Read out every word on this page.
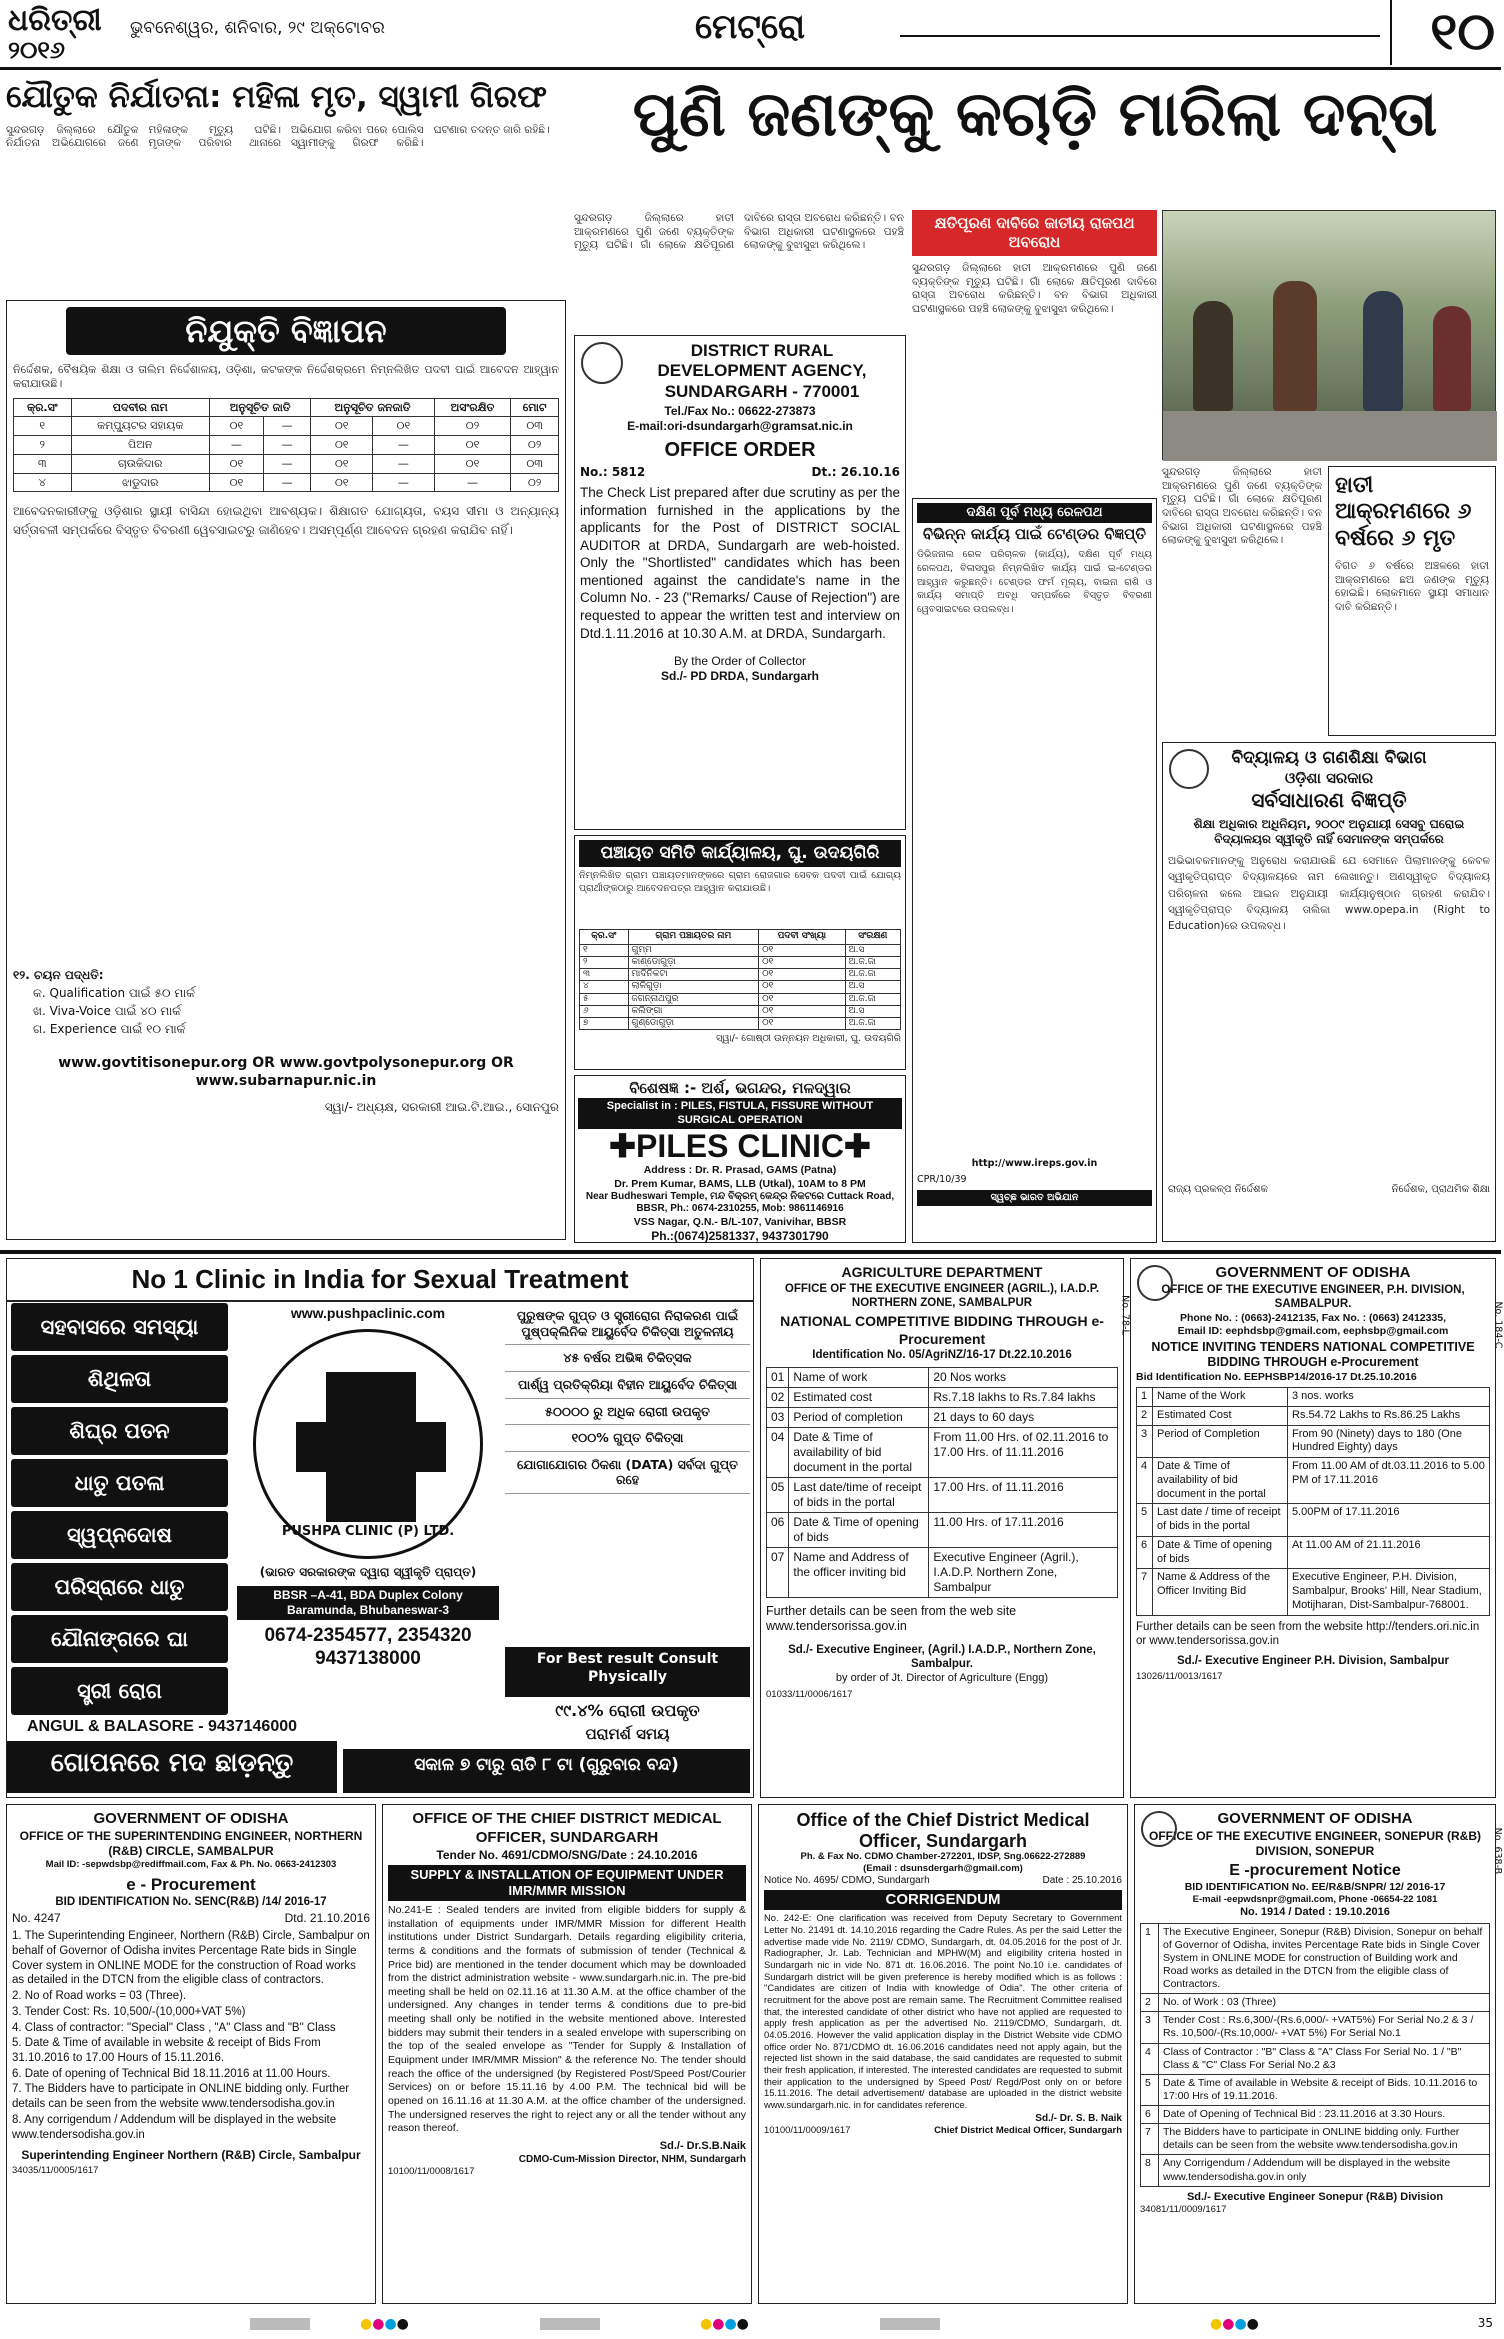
ଧରିତ୍ରୀ
୨୦୧୬
ଭୁବନେଶ୍ୱର, ଶନିବାର, ୨୯ ଅକ୍ଟୋବର	ମେଟ୍ରୋ	୧୦
ଯୌତୁକ ନିର୍ଯାତନା: ମହିଳା ମୃତ, ସ୍ୱାମୀ ଗିରଫ
ସୁନ୍ଦରଗଡ଼ ଜିଲ୍ଲାରେ ଯୌତୁକ ନିର୍ଯାତନା ଅଭିଯୋଗରେ ଜଣେ ମହିଳାଙ୍କ ମୃତ୍ୟୁ ଘଟିଛି। ମୃତାଙ୍କ ପରିବାର ଥାନାରେ ଅଭିଯୋଗ କରିବା ପରେ ପୋଲିସ ସ୍ୱାମୀଙ୍କୁ ଗିରଫ କରିଛି। ଘଟଣାର ତଦନ୍ତ ଜାରି ରହିଛି।
ନିଯୁକ୍ତି ବିଜ୍ଞାପନ
ନିର୍ଦ୍ଦେଶକ, ବୈଷୟିକ ଶିକ୍ଷା ଓ ତାଲିମ ନିର୍ଦ୍ଦେଶାଳୟ, ଓଡ଼ିଶା, କଟକଙ୍କ ନିର୍ଦ୍ଦେଶକ୍ରମେ ନିମ୍ନଲିଖିତ ପଦବୀ ପାଇଁ ଆବେଦନ ଆହ୍ୱାନ କରାଯାଉଛି।
କ୍ର.ସଂ	ପଦବୀର ନାମ	ଅନୁସୂଚିତ ଜାତି		ଅନୁସୂଚିତ ଜନଜାତି		ଅସଂରକ୍ଷିତ	ମୋଟ
୧	କମ୍ପ୍ୟୁଟର ସହାୟକ	୦୧	—	୦୧	୦୧	୦୨	୦୩
୨	ପିଅନ	—	—	୦୧	—	୦୧	୦୨
୩	ଚାଉକିଦାର	୦୧	—	୦୧	—	୦୧	୦୩
୪	ଝାଡୁଦାର	୦୧	—	୦୧	—	—	୦୨
ଆବେଦନକାରୀଙ୍କୁ ଓଡ଼ିଶାର ସ୍ଥାୟୀ ବାସିନ୍ଦା ହୋଇଥିବା ଆବଶ୍ୟକ। ଶିକ୍ଷାଗତ ଯୋଗ୍ୟତା, ବୟସ ସୀମା ଓ ଅନ୍ୟାନ୍ୟ ସର୍ତ୍ତାବଳୀ ସମ୍ପର୍କରେ ବିସ୍ତୃତ ବିବରଣୀ ୱେବସାଇଟରୁ ଜାଣିହେବ। ଅସମ୍ପୂର୍ଣ୍ଣ ଆବେଦନ ଗ୍ରହଣ କରାଯିବ ନାହିଁ।
୧୨. ଚୟନ ପଦ୍ଧତି:
କ. Qualification ପାଇଁ ୫୦ ମାର୍କ
ଖ. Viva-Voice ପାଇଁ ୪୦ ମାର୍କ
ଗ. Experience ପାଇଁ ୧୦ ମାର୍କ
www.govtitisonepur.org OR www.govtpolysonepur.org OR www.subarnapur.nic.in
ସ୍ୱା/- ଅଧ୍ୟକ୍ଷ, ସରକାରୀ ଆଇ.ଟି.ଆଇ., ସୋନପୁର
ପୁଣି ଜଣଙ୍କୁ କଚାଡ଼ି ମାରିଲା ଦନ୍ତା
ସୁନ୍ଦରଗଡ଼ ଜିଲ୍ଲାରେ ହାତୀ ଆକ୍ରମଣରେ ପୁଣି ଜଣେ ବ୍ୟକ୍ତିଙ୍କ ମୃତ୍ୟୁ ଘଟିଛି। ଗାଁ ଲୋକେ କ୍ଷତିପୂରଣ ଦାବିରେ ରାସ୍ତା ଅବରୋଧ କରିଛନ୍ତି। ବନ ବିଭାଗ ଅଧିକାରୀ ଘଟଣାସ୍ଥଳରେ ପହଞ୍ଚି ଲୋକଙ୍କୁ ବୁଝାସୁଝା କରିଥିଲେ।
କ୍ଷତିପୂରଣ ଦାବିରେ ଜାତୀୟ ରାଜପଥ ଅବରୋଧ
ସୁନ୍ଦରଗଡ଼ ଜିଲ୍ଲାରେ ହାତୀ ଆକ୍ରମଣରେ ପୁଣି ଜଣେ ବ୍ୟକ୍ତିଙ୍କ ମୃତ୍ୟୁ ଘଟିଛି। ଗାଁ ଲୋକେ କ୍ଷତିପୂରଣ ଦାବିରେ ରାସ୍ତା ଅବରୋଧ କରିଛନ୍ତି। ବନ ବିଭାଗ ଅଧିକାରୀ ଘଟଣାସ୍ଥଳରେ ପହଞ୍ଚି ଲୋକଙ୍କୁ ବୁଝାସୁଝା କରିଥିଲେ।
ସୁନ୍ଦରଗଡ଼ ଜିଲ୍ଲାରେ ହାତୀ ଆକ୍ରମଣରେ ପୁଣି ଜଣେ ବ୍ୟକ୍ତିଙ୍କ ମୃତ୍ୟୁ ଘଟିଛି। ଗାଁ ଲୋକେ କ୍ଷତିପୂରଣ ଦାବିରେ ରାସ୍ତା ଅବରୋଧ କରିଛନ୍ତି। ବନ ବିଭାଗ ଅଧିକାରୀ ଘଟଣାସ୍ଥଳରେ ପହଞ୍ଚି ଲୋକଙ୍କୁ ବୁଝାସୁଝା କରିଥିଲେ।
ହାତୀ ଆକ୍ରମଣରେ ୬ ବର୍ଷରେ ୬ ମୃତ
ବିଗତ ୬ ବର୍ଷରେ ଅଞ୍ଚଳରେ ହାତୀ ଆକ୍ରମଣରେ ଛଅ ଜଣଙ୍କ ମୃତ୍ୟୁ ହୋଇଛି। ଲୋକମାନେ ସ୍ଥାୟୀ ସମାଧାନ ଦାବି କରିଛନ୍ତି।
DISTRICT RURAL DEVELOPMENT AGENCY, SUNDARGARH - 770001
Tel./Fax No.: 06622-273873
E-mail:ori-dsundargarh@gramsat.nic.in
OFFICE ORDER
No.: 5812	Dt.: 26.10.16
The Check List prepared after due scrutiny as per the information furnished in the applications by the applicants for the Post of DISTRICT SOCIAL AUDITOR at DRDA, Sundargarh are web-hoisted. Only the "Shortlisted" candidates which has been mentioned against the candidate's name in the Column No. - 23 ("Remarks/ Cause of Rejection") are requested to appear the written test and interview on Dtd.1.11.2016 at 10.30 A.M. at DRDA, Sundargarh.
By the Order of Collector
Sd./- PD DRDA, Sundargarh
ପଞ୍ଚାୟତ ସମିତି କାର୍ଯ୍ୟାଳୟ, ଘୁ. ଉଦୟଗିରି
ନିମ୍ନଲିଖିତ ଗ୍ରାମ ପଞ୍ଚାୟତମାନଙ୍କରେ ଗ୍ରାମ ରୋଜଗାର ସେବକ ପଦବୀ ପାଇଁ ଯୋଗ୍ୟ ପ୍ରାର୍ଥୀଙ୍କଠାରୁ ଆବେଦନପତ୍ର ଆହ୍ୱାନ କରାଯାଉଛି।
କ୍ର.ସଂ	ଗ୍ରାମ ପଞ୍ଚାୟତର ନାମ	ପଦବୀ ସଂଖ୍ୟା	ସଂରକ୍ଷଣ
୧	ଗୁମ୍ମ	୦୧	ଅ.ସ
୨	କାଣ୍ଡୋଗୁଡ଼ା	୦୧	ଅ.ଜ.ଜା
୩	ମାଦିନିକଟା	୦୧	ଅ.ଜ.ଜା
୪	ଲାଳିଗୁଡ଼ା	୦୧	ଅ.ସ
୫	ଜଗନ୍ନାଥପୁର	୦୧	ଅ.ଜ.ଜା
୬	କଲିଙ୍ଗା	୦୧	ଅ.ସ
୭	ଗୁଣ୍ଡୋଗୁଡ଼ା	୦୧	ଅ.ଜ.ଜା
ସ୍ୱା/- ଗୋଷ୍ଠୀ ଉନ୍ନୟନ ଅଧିକାରୀ, ଘୁ. ଉଦୟଗିରି
ବିଶେଷଜ୍ଞ :- ଅର୍ଶ, ଭଗନ୍ଦର, ମଳଦ୍ୱାର
Specialist in : PILES, FISTULA, FISSURE WITHOUT SURGICAL OPERATION
✚PILES CLINIC✚
Address : Dr. R. Prasad, GAMS (Patna)
Dr. Prem Kumar, BAMS, LLB (Utkal), 10AM to 8 PM
Near Budheswari Temple, ମନ୍ଦ ବିକ୍ରମ୍ କେନ୍ଦ୍ର ନିକଟରେ Cuttack Road, BBSR, Ph.: 0674-2310255, Mob: 9861146916
VSS Nagar, Q.N.- B/L-107, Vanivihar, BBSR
Ph.:(0674)2581337, 9437301790
ଦକ୍ଷିଣ ପୂର୍ବ ମଧ୍ୟ ରେଳପଥ
ବିଭିନ୍ନ କାର୍ଯ୍ୟ ପାଇଁ ଟେଣ୍ଡର ବିଜ୍ଞପ୍ତି
ଡିଭିଜନାଲ ରେଳ ପରିଚାଳକ (କାର୍ଯ୍ୟ), ଦକ୍ଷିଣ ପୂର୍ବ ମଧ୍ୟ ରେଳପଥ, ବିଳାସପୁର ନିମ୍ନଲିଖିତ କାର୍ଯ୍ୟ ପାଇଁ ଇ-ଟେଣ୍ଡର ଆହ୍ୱାନ କରୁଛନ୍ତି। ଟେଣ୍ଡର ଫର୍ମ ମୂଲ୍ୟ, ବାଇନା ରାଶି ଓ କାର୍ଯ୍ୟ ସମାପ୍ତି ଅବଧି ସମ୍ପର୍କରେ ବିସ୍ତୃତ ବିବରଣୀ ୱେବସାଇଟରେ ଉପଲବ୍ଧ।
http://www.ireps.gov.in
CPR/10/39
ସ୍ୱଚ୍ଛ ଭାରତ ଅଭିଯାନ
ବିଦ୍ୟାଳୟ ଓ ଗଣଶିକ୍ଷା ବିଭାଗ
ଓଡ଼ିଶା ସରକାର
ସର୍ବସାଧାରଣ ବିଜ୍ଞପ୍ତି
ଶିକ୍ଷା ଅଧିକାର ଅଧିନିୟମ, ୨୦୦୯ ଅନୁଯାୟୀ ସେସବୁ ଘରୋଇ ବିଦ୍ୟାଳୟର ସ୍ୱୀକୃତି ନାହିଁ ସେମାନଙ୍କ ସମ୍ପର୍କରେ
ଅଭିଭାବକମାନଙ୍କୁ ଅନୁରୋଧ କରାଯାଉଛି ଯେ ସେମାନେ ପିଲାମାନଙ୍କୁ କେବଳ ସ୍ୱୀକୃତିପ୍ରାପ୍ତ ବିଦ୍ୟାଳୟରେ ନାମ ଲେଖାନ୍ତୁ। ଅଣସ୍ୱୀକୃତ ବିଦ୍ୟାଳୟ ପରିଚାଳନା କଲେ ଆଇନ ଅନୁଯାୟୀ କାର୍ଯ୍ୟାନୁଷ୍ଠାନ ଗ୍ରହଣ କରାଯିବ। ସ୍ୱୀକୃତିପ୍ରାପ୍ତ ବିଦ୍ୟାଳୟ ତାଲିକା www.opepa.in (Right to Education)ରେ ଉପଲବ୍ଧ।
ରାଜ୍ୟ ପ୍ରକଳ୍ପ ନିର୍ଦ୍ଦେଶକ	ନିର୍ଦ୍ଦେଶକ, ପ୍ରାଥମିକ ଶିକ୍ଷା
No 1 Clinic in India for Sexual Treatment
ସହବାସରେ ସମସ୍ୟା
ଶିଥିଳତା
ଶିଘ୍ର ପତନ
ଧାତୁ ପତଳା
ସ୍ୱପ୍ନଦୋଷ
ପରିସ୍ରାରେ ଧାତୁ
ଯୌନାଙ୍ଗରେ ଘା
ସ୍ତ୍ରୀ ରୋଗ
www.pushpaclinic.com
PUSHPA CLINIC (P) LTD.
(ଭାରତ ସରକାରଙ୍କ ଦ୍ୱାରା ସ୍ୱୀକୃତି ପ୍ରାପ୍ତ)
BBSR –A-41, BDA Duplex Colony Baramunda, Bhubaneswar-3
0674-2354577, 2354320
9437138000
ପୁରୁଷଙ୍କ ଗୁପ୍ତ ଓ ସ୍ତ୍ରୀରୋଗ ନିରାକରଣ ପାଇଁ ପୁଷ୍ପକ୍ଲିନିକ ଆୟୁର୍ବେଦ ଚିକିତ୍ସା ଅତୁଳନୀୟ
୪୫ ବର୍ଷର ଅଭିଜ୍ଞ ଚିକିତ୍ସକ
ପାର୍ଶ୍ୱ ପ୍ରତିକ୍ରିୟା ବିହୀନ ଆୟୁର୍ବେଦ ଚିକିତ୍ସା
୫୦୦୦୦ ରୁ ଅଧିକ ରୋଗୀ ଉପକୃତ
୧୦୦% ଗୁପ୍ତ ଚିକିତ୍ସା
ଯୋଗାଯୋଗର ଠିକଣା (DATA) ସର୍ବଦା ଗୁପ୍ତ ରହେ
For Best result Consult Physically
୯୯.୪% ରୋଗୀ ଉପକୃତ
ANGUL & BALASORE - 9437146000	ପରାମର୍ଶ ସମୟ
ଗୋପନରେ ମଦ ଛାଡ଼ନ୍ତୁ	ସକାଳ ୭ ଟାରୁ ରାତି ୮ ଟା (ଗୁରୁବାର ବନ୍ଦ)
No. 78-L
AGRICULTURE DEPARTMENT
OFFICE OF THE EXECUTIVE ENGINEER (AGRIL.), I.A.D.P. NORTHERN ZONE, SAMBALPUR
NATIONAL COMPETITIVE BIDDING THROUGH e-Procurement
Identification No. 05/AgriNZ/16-17 Dt.22.10.2016
01	Name of work	20 Nos works
02	Estimated cost	Rs.7.18 lakhs to Rs.7.84 lakhs
03	Period of completion	21 days to 60 days
04	Date & Time of availability of bid document in the portal	From 11.00 Hrs. of 02.11.2016 to 17.00 Hrs. of 11.11.2016
05	Last date/time of receipt of bids in the portal	17.00 Hrs. of 11.11.2016
06	Date & Time of opening of bids	11.00 Hrs. of 17.11.2016
07	Name and Address of the officer inviting bid	Executive Engineer (Agril.), I.A.D.P. Northern Zone, Sambalpur
Further details can be seen from the web site www.tendersorissa.gov.in
Sd./- Executive Engineer, (Agril.) I.A.D.P., Northern Zone, Sambalpur.
by order of Jt. Director of Agriculture (Engg)
01033/11/0006/1617
No. 184-C
GOVERNMENT OF ODISHA
OFFICE OF THE EXECUTIVE ENGINEER, P.H. DIVISION, SAMBALPUR.
Phone No. : (0663)-2412135, Fax No. : (0663) 2412335,
Email ID: eephdsbp@gmail.com, eephsbp@gmail.com
NOTICE INVITING TENDERS NATIONAL COMPETITIVE BIDDING THROUGH e-Procurement
Bid Identification No. EEPHSBP14/2016-17 Dt.25.10.2016
1	Name of the Work	3 nos. works
2	Estimated Cost	Rs.54.72 Lakhs to Rs.86.25 Lakhs
3	Period of Completion	From 90 (Ninety) days to 180 (One Hundred Eighty) days
4	Date & Time of availability of bid document in the portal	From 11.00 AM of dt.03.11.2016 to 5.00 PM of 17.11.2016
5	Last date / time of receipt of bids in the portal	5.00PM of 17.11.2016
6	Date & Time of opening of bids	At 11.00 AM of 21.11.2016
7	Name & Address of the Officer Inviting Bid	Executive Engineer, P.H. Division, Sambalpur, Brooks' Hill, Near Stadium, Motijharan, Dist-Sambalpur-768001.
Further details can be seen from the website http://tenders.ori.nic.in or www.tendersorissa.gov.in
Sd./- Executive Engineer P.H. Division, Sambalpur
13026/11/0013/1617
GOVERNMENT OF ODISHA
OFFICE OF THE SUPERINTENDING ENGINEER, NORTHERN (R&B) CIRCLE, SAMBALPUR
Mail ID: -sepwdsbp@rediffmail.com, Fax & Ph. No. 0663-2412303
e - Procurement
BID IDENTIFICATION No. SENC(R&B) /14/ 2016-17
No. 4247	Dtd. 21.10.2016
1. The Superintending Engineer, Northern (R&B) Circle, Sambalpur on behalf of Governor of Odisha invites Percentage Rate bids in Single Cover system in ONLINE MODE for the construction of Road works as detailed in the DTCN from the eligible class of contractors.
2. No of Road works = 03 (Three).
3. Tender Cost: Rs. 10,500/-(10,000+VAT 5%)
4. Class of contractor: "Special" Class , "A" Class and "B" Class
5. Date & Time of available in website & receipt of Bids From 31.10.2016 to 17.00 Hours of 15.11.2016.
6. Date of opening of Technical Bid 18.11.2016 at 11.00 Hours.
7. The Bidders have to participate in ONLINE bidding only. Further details can be seen from the website www.tendersodisha.gov.in
8. Any corrigendum / Addendum will be displayed in the website www.tendersodisha.gov.in
Superintending Engineer Northern (R&B) Circle, Sambalpur
34035/11/0005/1617
OFFICE OF THE CHIEF DISTRICT MEDICAL OFFICER, SUNDARGARH
Tender No. 4691/CDMO/SNG/Date : 24.10.2016
SUPPLY & INSTALLATION OF EQUIPMENT UNDER IMR/MMR MISSION
No.241-E : Sealed tenders are invited from eligible bidders for supply & installation of equipments under IMR/MMR Mission for different Health institutions under District Sundargarh. Details regarding eligibility criteria, terms & conditions and the formats of submission of tender (Technical & Price bid) are mentioned in the tender document which may be downloaded from the district administration website - www.sundargarh.nic.in. The pre-bid meeting shall be held on 02.11.16 at 11.30 A.M. at the office chamber of the undersigned. Any changes in tender terms & conditions due to pre-bid meeting shall only be notified in the website mentioned above. Interested bidders may submit their tenders in a sealed envelope with superscribing on the top of the sealed envelope as "Tender for Supply & Installation of Equipment under IMR/MMR Mission" & the reference No. The tender should reach the office of the undersigned (by Registered Post/Speed Post/Courier Services) on or before 15.11.16 by 4.00 P.M. The technical bid will be opened on 16.11.16 at 11.30 A.M. at the office chamber of the undersigned. The undersigned reserves the right to reject any or all the tender without any reason thereof.
Sd./- Dr.S.B.Naik
CDMO-Cum-Mission Director, NHM, Sundargarh
10100/11/0008/1617
Office of the Chief District Medical Officer, Sundargarh
Ph. & Fax No. CDMO Chamber-272201, IDSP, Sng.06622-272889
(Email : dsunsdergarh@gmail.com)
Notice No. 4695/ CDMO, Sundargarh	Date : 25.10.2016
CORRIGENDUM
No. 242-E: One clarification was received from Deputy Secretary to Government Letter No. 21491 dt. 14.10.2016 regarding the Cadre Rules. As per the said Letter the advertise made vide No. 2119/ CDMO, Sundargarh, dt. 04.05.2016 for the post of Jr. Radiographer, Jr. Lab. Technician and MPHW(M) and eligibility criteria hosted in Sundargarh nic in vide No. 871 dt. 16.06.2016. The point No.10 i.e. candidates of Sundargarh district will be given preference is hereby modified which is as follows : "Candidates are citizen of India with knowledge of Odia". The other criteria of recruitment for the above post are remain same. The Recruitment Committee realised that, the interested candidate of other district who have not applied are requested to apply fresh application as per the advertised No. 2119/CDMO, Sundargarh, dt. 04.05.2016. However the valid application display in the District Website vide CDMO office order No. 871/CDMO dt. 16.06.2016 candidates need not apply again, but the rejected list shown in the said database, the said candidates are requested to submit their fresh application, if interested. The interested candidates are requested to submit their application to the undersigned by Speed Post/ Regd/Post only on or before 15.11.2016. The detail advertisement/ database are uploaded in the district website www.sundargarh.nic. in for candidates reference.
Sd./- Dr. S. B. Naik
10100/11/0009/1617	Chief District Medical Officer, Sundargarh
No. 638-B
GOVERNMENT OF ODISHA
OFFICE OF THE EXECUTIVE ENGINEER, SONEPUR (R&B) DIVISION, SONEPUR
E -procurement Notice
BID IDENTIFICATION No. EE/R&B/SNPR/ 12/ 2016-17
E-mail -eepwdsnpr@gmail.com, Phone -06654-22 1081
No. 1914 / Dated : 19.10.2016
1	The Executive Engineer, Sonepur (R&B) Division, Sonepur on behalf of Governor of Odisha, invites Percentage Rate bids in Single Cover System in ONLINE MODE for construction of Building work and Road works as detailed in the DTCN from the eligible class of Contractors.
2	No. of Work : 03 (Three)
3	Tender Cost : Rs.6,300/-(Rs.6,000/- +VAT5%) For Serial No.2 & 3 / Rs. 10,500/-(Rs.10,000/- +VAT 5%) For Serial No.1
4	Class of Contractor : "B" Class & "A" Class For Serial No. 1 / "B" Class & "C" Class For Serial No.2 &3
5	Date & Time of available in Website & receipt of Bids. 10.11.2016 to 17:00 Hrs of 19.11.2016.
6	Date of Opening of Technical Bid : 23.11.2016 at 3.30 Hours.
7	The Bidders have to participate in ONLINE bidding only. Further details can be seen from the website www.tendersodisha.gov.in
8	Any Corrigendum / Addendum will be displayed in the website www.tendersodisha.gov.in only
Sd./- Executive Engineer Sonepur (R&B) Division
34081/11/0009/1617
●●●●	●●●●	●●●●	35
